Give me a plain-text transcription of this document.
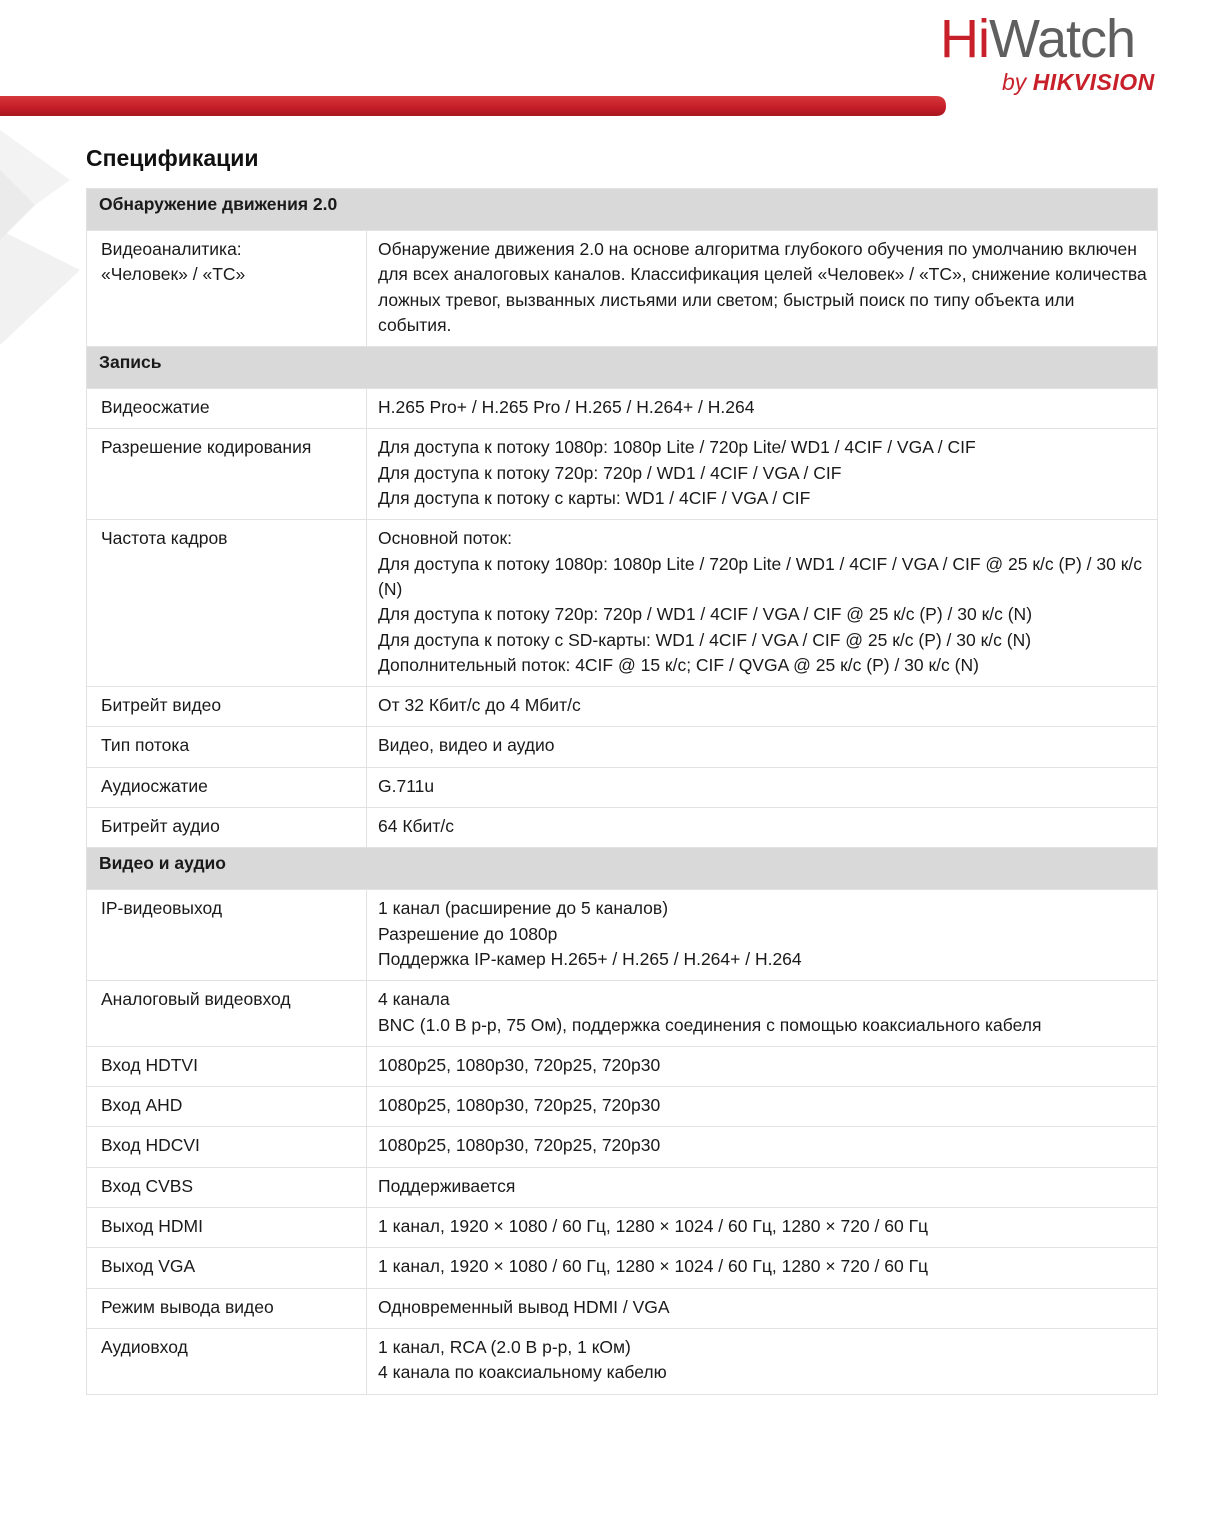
HiWatch
by HIKVISION
Спецификации
Обнаружение движения 2.0	

Видеоаналитика:
«Человек» / «ТС»	Обнаружение движения 2.0 на основе алгоритма глубокого обучения по умолчанию включен для всех аналоговых каналов. Классификация целей «Человек» / «ТС», снижение количества ложных тревог, вызванных листьями или светом; быстрый поиск по типу объекта или события.

Запись	

Видеосжатие	H.265 Pro+ / H.265 Pro / H.265 / H.264+ / H.264

Разрешение кодирования	Для доступа к потоку 1080p: 1080p Lite / 720p Lite/ WD1 / 4CIF / VGA / CIF
Для доступа к потоку 720p: 720p / WD1 / 4CIF / VGA / CIF
Для доступа к потоку с карты: WD1 / 4CIF / VGA / CIF

Частота кадров	Основной поток:
Для доступа к потоку 1080p: 1080p Lite / 720p Lite / WD1 / 4CIF / VGA / CIF @ 25 к/с (P) / 30 к/с (N)
Для доступа к потоку 720p: 720p / WD1 / 4CIF / VGA / CIF @ 25 к/с (P) / 30 к/с (N)
Для доступа к потоку с SD-карты: WD1 / 4CIF / VGA / CIF @ 25 к/с (P) / 30 к/с (N)
Дополнительный поток: 4CIF @ 15 к/с; CIF / QVGA @ 25 к/с (P) / 30 к/с (N)

Битрейт видео	От 32 Кбит/с до 4 Мбит/с

Тип потока	Видео, видео и аудио

Аудиосжатие	G.711u

Битрейт аудио	64 Кбит/с

Видео и аудио	

IP-видеовыход	1 канал (расширение до 5 каналов)
Разрешение до 1080p
Поддержка IP-камер H.265+ / H.265 / H.264+ / H.264

Аналоговый видеовход	4 канала
BNC (1.0 В p-p, 75 Ом), поддержка соединения с помощью коаксиального кабеля

Вход HDTVI	1080p25, 1080p30, 720p25, 720p30

Вход AHD	1080p25, 1080p30, 720p25, 720p30

Вход HDCVI	1080p25, 1080p30, 720p25, 720p30

Вход CVBS	Поддерживается

Выход HDMI	1 канал, 1920 × 1080 / 60 Гц, 1280 × 1024 / 60 Гц, 1280 × 720 / 60 Гц

Выход VGA	1 канал, 1920 × 1080 / 60 Гц, 1280 × 1024 / 60 Гц, 1280 × 720 / 60 Гц

Режим вывода видео	Одновременный вывод HDMI / VGA

Аудиовход	1 канал, RCA (2.0 В p-p, 1 кОм)
4 канала по коаксиальному кабелю
